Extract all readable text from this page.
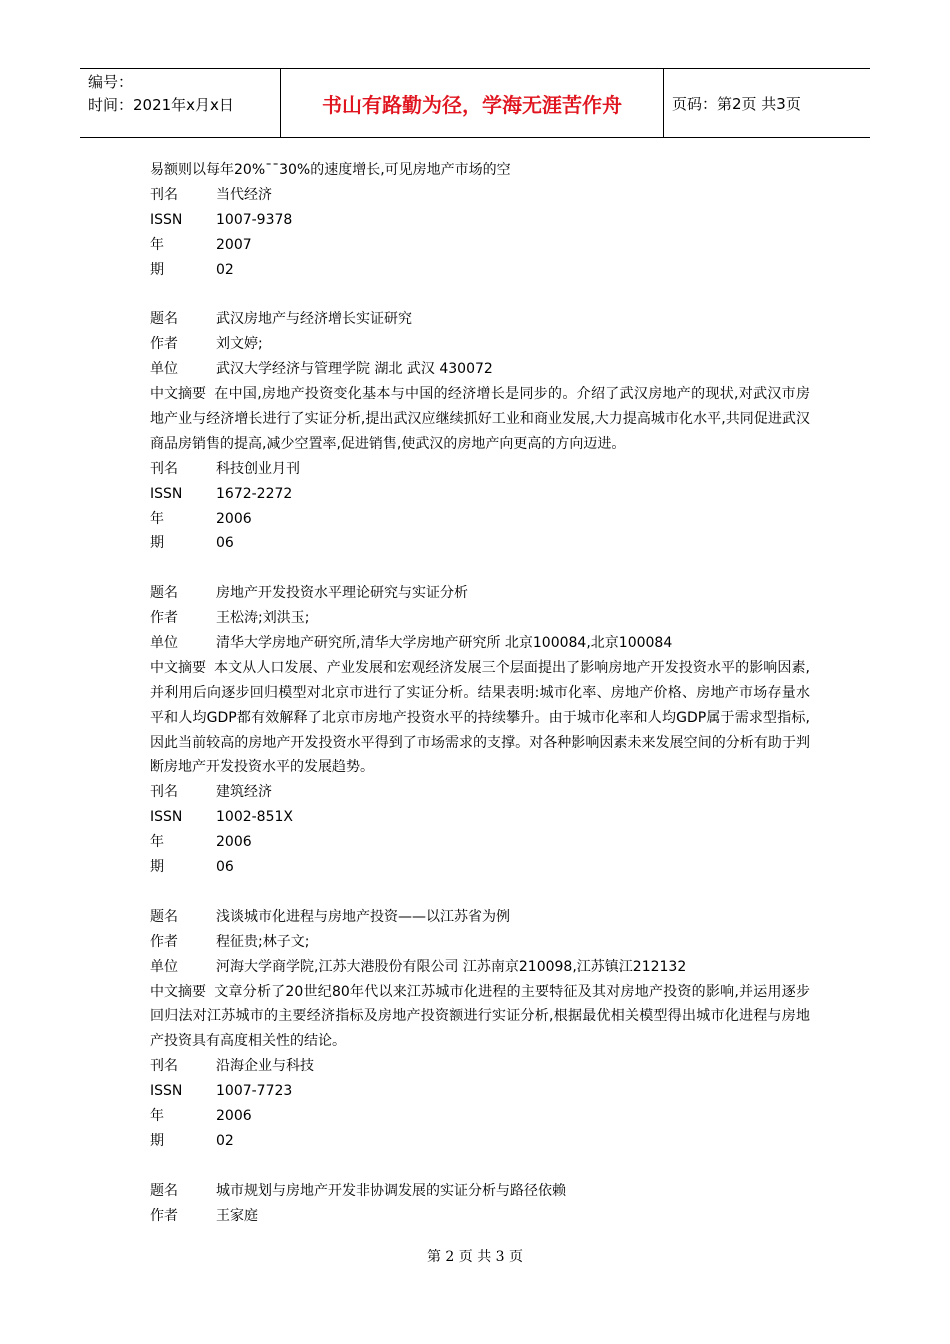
编号：
时间：2021年x月x日	书山有路勤为径，学海无涯苦作舟	页码：第2页 共3页
易额则以每年20%¯¯30%的速度增长,可见房地产市场的空
刊名	当代经济
ISSN	1007-9378
年	2007
期	02
题名	武汉房地产与经济增长实证研究
作者	刘文婷;
单位	武汉大学经济与管理学院 湖北 武汉 430072
中文摘要 在中国,房地产投资变化基本与中国的经济增长是同步的。介绍了武汉房地产的现状,对武汉市房地产业与经济增长进行了实证分析,提出武汉应继续抓好工业和商业发展,大力提高城市化水平,共同促进武汉商品房销售的提高,减少空置率,促进销售,使武汉的房地产向更高的方向迈进。
刊名	科技创业月刊
ISSN	1672-2272
年	2006
期	06
题名	房地产开发投资水平理论研究与实证分析
作者	王松涛;刘洪玉;
单位	清华大学房地产研究所,清华大学房地产研究所 北京100084,北京100084
中文摘要 本文从人口发展、产业发展和宏观经济发展三个层面提出了影响房地产开发投资水平的影响因素,并利用后向逐步回归模型对北京市进行了实证分析。结果表明:城市化率、房地产价格、房地产市场存量水平和人均GDP都有效解释了北京市房地产投资水平的持续攀升。由于城市化率和人均GDP属于需求型指标,因此当前较高的房地产开发投资水平得到了市场需求的支撑。对各种影响因素未来发展空间的分析有助于判断房地产开发投资水平的发展趋势。
刊名	建筑经济
ISSN	1002-851X
年	2006
期	06
题名	浅谈城市化进程与房地产投资——以江苏省为例
作者	程征贵;林子文;
单位	河海大学商学院,江苏大港股份有限公司 江苏南京210098,江苏镇江212132
中文摘要 文章分析了20世纪80年代以来江苏城市化进程的主要特征及其对房地产投资的影响,并运用逐步回归法对江苏城市的主要经济指标及房地产投资额进行实证分析,根据最优相关模型得出城市化进程与房地产投资具有高度相关性的结论。
刊名	沿海企业与科技
ISSN	1007-7723
年	2006
期	02
题名	城市规划与房地产开发非协调发展的实证分析与路径依赖
作者	王家庭
第 2 页 共 3 页
